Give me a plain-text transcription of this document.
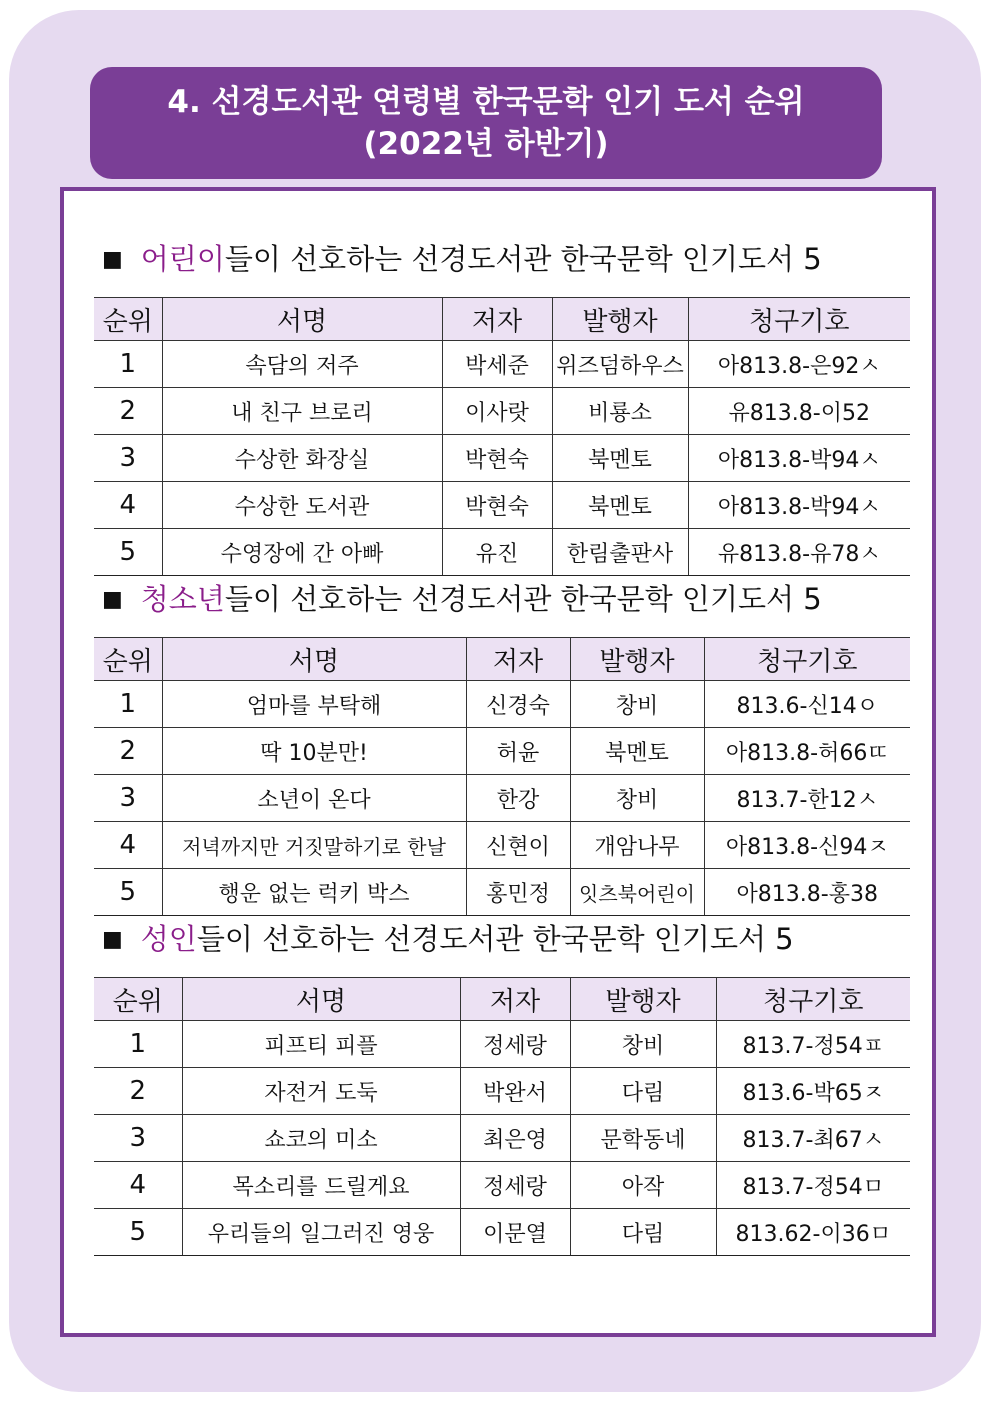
4. 선경도서관 연령별 한국문학 인기 도서 순위
(2022년 하반기)
■ 어린이들이 선호하는 선경도서관 한국문학 인기도서 5
순위	서명	저자	발행자	청구기호
1	속담의 저주	박세준	위즈덤하우스	아813.8-은92ㅅ
2	내 친구 브로리	이사랏	비룡소	유813.8-이52
3	수상한 화장실	박현숙	북멘토	아813.8-박94ㅅ
4	수상한 도서관	박현숙	북멘토	아813.8-박94ㅅ
5	수영장에 간 아빠	유진	한림출판사	유813.8-유78ㅅ
■ 청소년들이 선호하는 선경도서관 한국문학 인기도서 5
순위	서명	저자	발행자	청구기호
1	엄마를 부탁해	신경숙	창비	813.6-신14ㅇ
2	딱 10분만!	허윤	북멘토	아813.8-허66ㄸ
3	소년이 온다	한강	창비	813.7-한12ㅅ
4	저녁까지만 거짓말하기로 한날	신현이	개암나무	아813.8-신94ㅈ
5	행운 없는 럭키 박스	홍민정	잇츠북어린이	아813.8-홍38
■ 성인들이 선호하는 선경도서관 한국문학 인기도서 5
순위	서명	저자	발행자	청구기호
1	피프티 피플	정세랑	창비	813.7-정54ㅍ
2	자전거 도둑	박완서	다림	813.6-박65ㅈ
3	쇼코의 미소	최은영	문학동네	813.7-최67ㅅ
4	목소리를 드릴게요	정세랑	아작	813.7-정54ㅁ
5	우리들의 일그러진 영웅	이문열	다림	813.62-이36ㅁ
